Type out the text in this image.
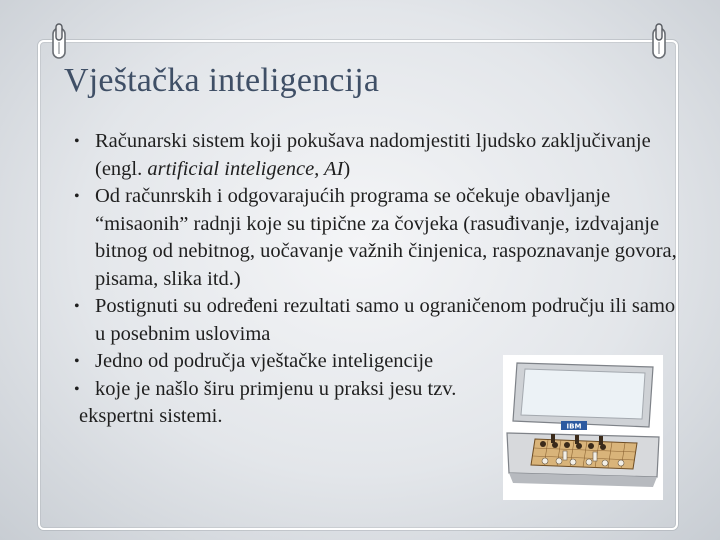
Vještačka inteligencija
• Računarski sistem koji pokušava nadomjestiti ljudsko zaključivanje (engl. artificial inteligence, AI)
• Od računrskih i odgovarajućih programa se očekuje obavljanje “misaonih” radnji koje su tipične za čovjeka (rasuđivanje, izdvajanje bitnog od nebitnog, uočavanje važnih činjenica, raspoznavanje govora, pisama, slika itd.)
• Postignuti su određeni rezultati samo u ograničenom području ili samo u posebnim uslovima
• Jedno od područja vještačke inteligencije
• koje je našlo širu primjenu u praksi jesu tzv.
ekspertni sistemi.	IBM
